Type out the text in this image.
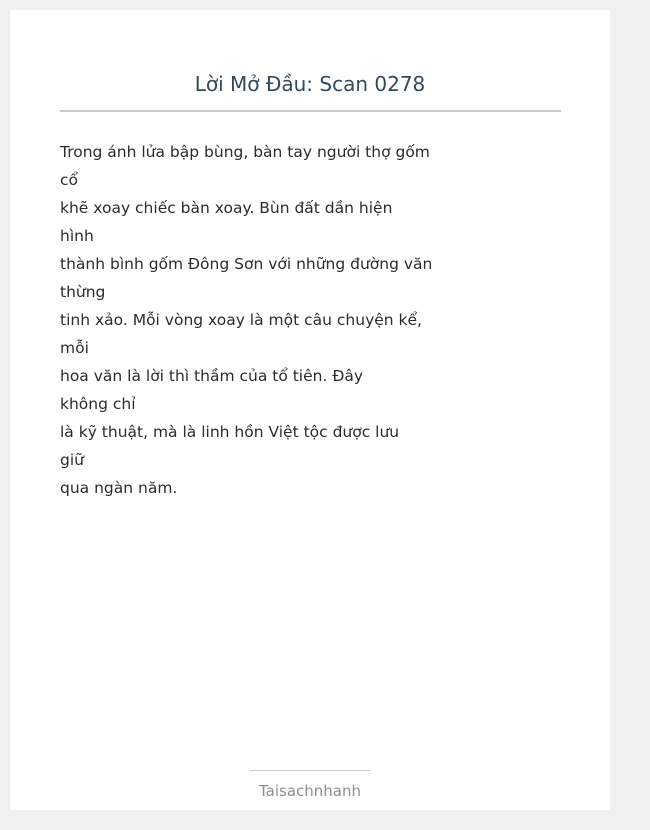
Lời Mở Đầu: Scan 0278
Trong ánh lửa bập bùng, bàn tay người thợ gốm
cổ
khẽ xoay chiếc bàn xoay. Bùn đất dần hiện
hình
thành bình gốm Đông Sơn với những đường văn
thừng
tinh xảo. Mỗi vòng xoay là một câu chuyện kể,
mỗi
hoa văn là lời thì thầm của tổ tiên. Đây
không chỉ
là kỹ thuật, mà là linh hồn Việt tộc được lưu
giữ
qua ngàn năm.
Taisachnhanh
